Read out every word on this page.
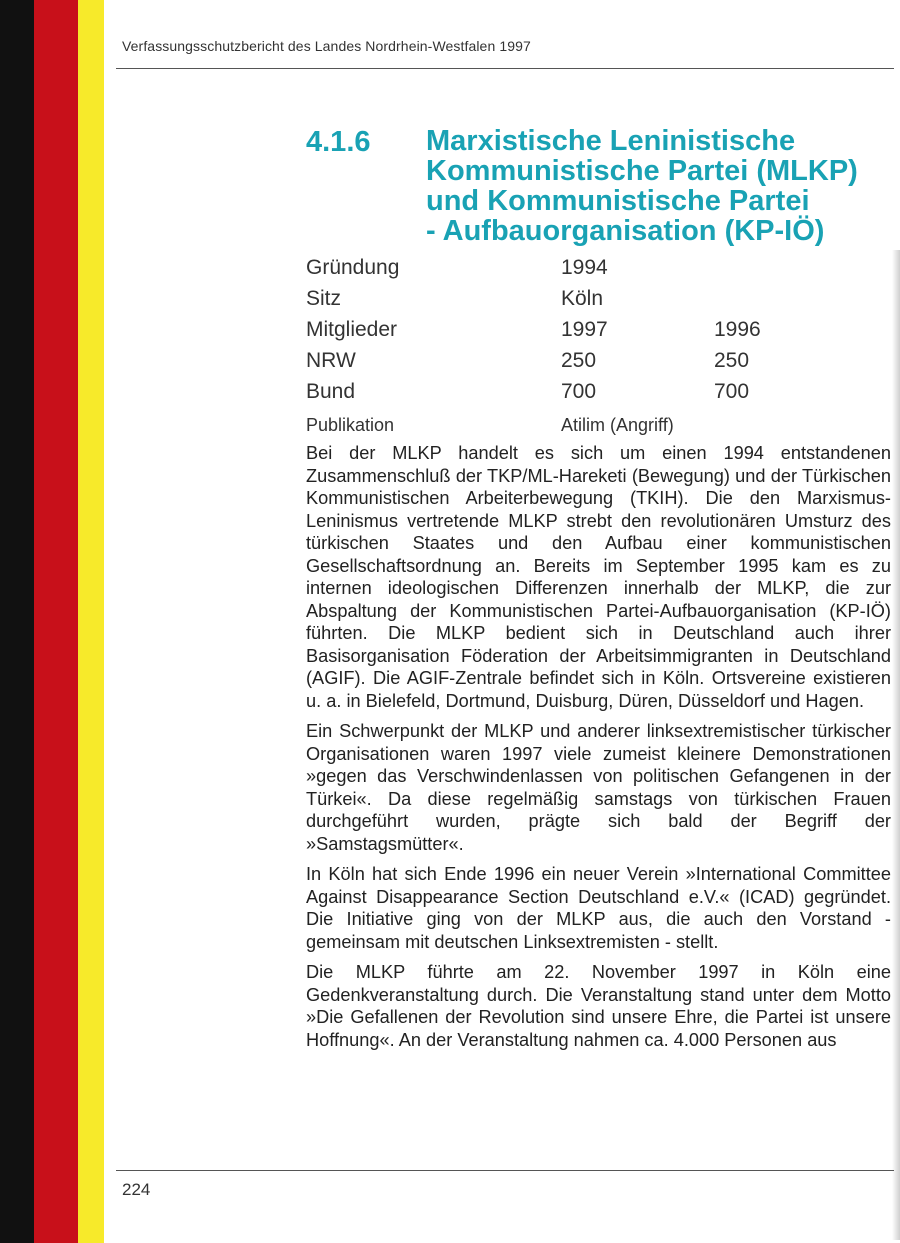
Verfassungsschutzbericht des Landes Nordrhein-Westfalen 1997
4.1.6 Marxistische Leninistische
Kommunistische Partei (MLKP)
und Kommunistische Partei
- Aufbauorganisation (KP-IÖ)
Gründung	1994
Sitz	Köln
Mitglieder	1997	1996
NRW	250	250
Bund	700	700
Publikation	Atilim (Angriff)

Bei der MLKP handelt es sich um einen 1994 entstandenen Zusammenschluß der TKP/ML-Hareketi (Bewegung) und der Türkischen Kommunistischen Arbeiterbewegung (TKIH). Die den Marxismus-Leninismus vertretende MLKP strebt den revolutionären Umsturz des türkischen Staates und den Aufbau einer kommunistischen Gesellschaftsordnung an. Bereits im September 1995 kam es zu internen ideologischen Differenzen innerhalb der MLKP, die zur Abspaltung der Kommunistischen Partei-Aufbauorganisation (KP-IÖ) führten. Die MLKP bedient sich in Deutschland auch ihrer Basisorganisation Föderation der Arbeitsimmigranten in Deutschland (AGIF). Die AGIF-Zentrale befindet sich in Köln. Ortsvereine existieren u. a. in Bielefeld, Dortmund, Duisburg, Düren, Düsseldorf und Hagen.

Ein Schwerpunkt der MLKP und anderer linksextremistischer türkischer Organisationen waren 1997 viele zumeist kleinere Demonstrationen »gegen das Verschwindenlassen von politischen Gefangenen in der Türkei«. Da diese regelmäßig samstags von türkischen Frauen durchgeführt wurden, prägte sich bald der Begriff der »Samstagsmütter«.

In Köln hat sich Ende 1996 ein neuer Verein »International Committee Against Disappearance Section Deutschland e.V.« (ICAD) gegründet. Die Initiative ging von der MLKP aus, die auch den Vorstand - gemeinsam mit deutschen Linksextremisten - stellt.

Die MLKP führte am 22. November 1997 in Köln eine Gedenkveranstaltung durch. Die Veranstaltung stand unter dem Motto »Die Gefallenen der Revolution sind unsere Ehre, die Partei ist unsere Hoffnung«. An der Veranstaltung nahmen ca. 4.000 Personen aus

224
